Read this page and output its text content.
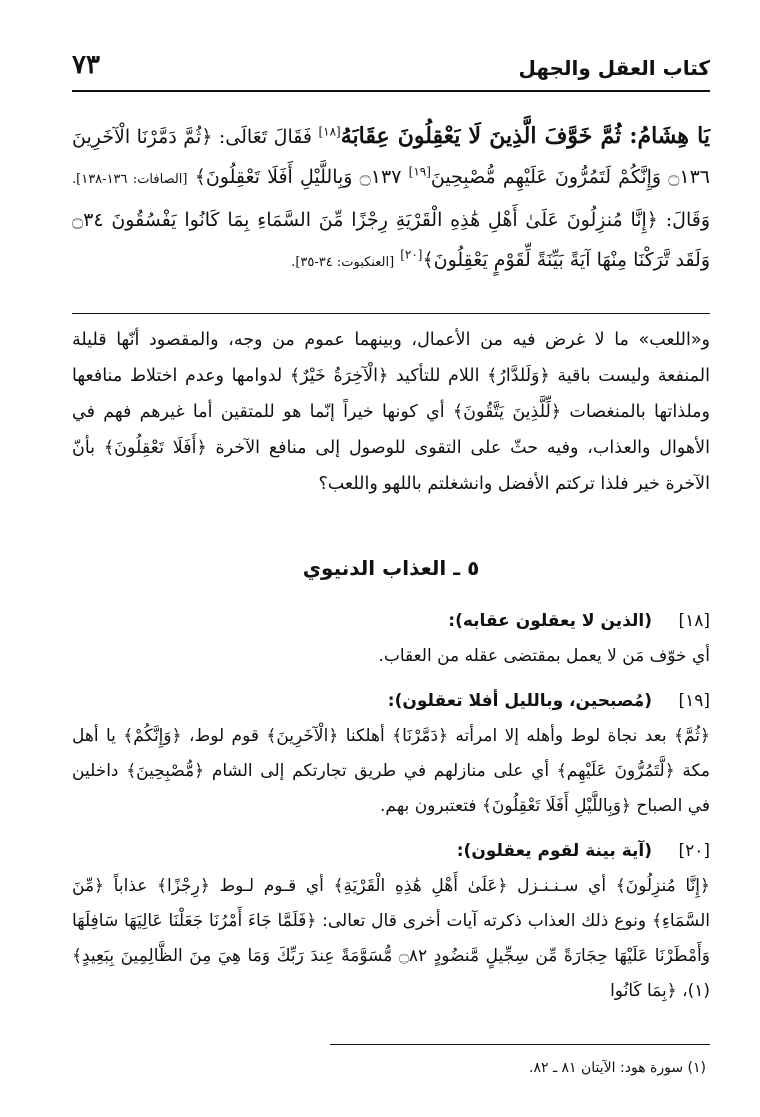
كتاب العقل والجهل
٧٣
يَا هِشَامُ: ثُمَّ خَوَّفَ الَّذِينَ لَا يَعْقِلُونَ عِقَابَهُ[١٨] فَقَالَ تَعَالَى: ﴿ثُمَّ دَمَّرْنَا الْآخَرِينَ ۝١٣٦ وَإِنَّكُمْ لَتَمُرُّونَ عَلَيْهِم مُّصْبِحِينَ[١٩] ۝١٣٧ وَبِاللَّيْلِ أَفَلَا تَعْقِلُونَ﴾ [الصافات: ١٣٦-١٣٨]. وَقَالَ: ﴿إِنَّا مُنزِلُونَ عَلَىٰ أَهْلِ هَٰذِهِ الْقَرْيَةِ رِجْزًا مِّنَ السَّمَاءِ بِمَا كَانُوا يَفْسُقُونَ ۝٣٤ وَلَقَد تَّرَكْنَا مِنْهَا آيَةً بَيِّنَةً لِّقَوْمٍ يَعْقِلُونَ﴾[٢٠] [العنكبوت: ٣٤-٣٥].
و«اللعب» ما لا غرض فيه من الأعمال، وبينهما عموم من وجه، والمقصود أنّها قليلة المنفعة وليست باقية ﴿وَلَلدَّارُ﴾ اللام للتأكيد ﴿الْآخِرَةُ خَيْرٌ﴾ لدوامها وعدم اختلاط منافعها وملذاتها بالمنغصات ﴿لِّلَّذِينَ يَتَّقُونَ﴾ أي كونها خيراً إنّما هو للمتقين أما غيرهم فهم في الأهوال والعذاب، وفيه حثّ على التقوى للوصول إلى منافع الآخرة ﴿أَفَلَا تَعْقِلُونَ﴾ بأنّ الآخرة خير فلذا تركتم الأفضل وانشغلتم باللهو واللعب؟
٥ ـ العذاب الدنيوي
[١٨](الذين لا يعقلون عقابه):
أي خوّف مَن لا يعمل بمقتضى عقله من العقاب.
[١٩](مُصبحين، وبالليل أفلا تعقلون):
﴿ثُمَّ﴾ بعد نجاة لوط وأهله إلا امرأته ﴿دَمَّرْنَا﴾ أهلكنا ﴿الْآخَرِينَ﴾ قوم لوط، ﴿وَإِنَّكُمْ﴾ يا أهل مكة ﴿لَّتَمُرُّونَ عَلَيْهِم﴾ أي على منازلهم في طريق تجارتكم إلى الشام ﴿مُّصْبِحِينَ﴾ داخلين في الصباح ﴿وَبِاللَّيْلِ أَفَلَا تَعْقِلُونَ﴾ فتعتبرون بهم.
[٢٠](آية بينة لقوم يعقلون):
﴿إِنَّا مُنزِلُونَ﴾ أي سـنـنـزل ﴿عَلَىٰ أَهْلِ هَٰذِهِ الْقَرْيَةِ﴾ أي قـوم لـوط ﴿رِجْزًا﴾ عذاباً ﴿مِّنَ السَّمَاءِ﴾ ونوع ذلك العذاب ذكرته آيات أخرى قال تعالى: ﴿فَلَمَّا جَاءَ أَمْرُنَا جَعَلْنَا عَالِيَهَا سَافِلَهَا وَأَمْطَرْنَا عَلَيْهَا حِجَارَةً مِّن سِجِّيلٍ مَّنضُودٍ ۝٨٢ مُّسَوَّمَةً عِندَ رَبِّكَ وَمَا هِيَ مِنَ الظَّالِمِينَ بِبَعِيدٍ﴾(١)، ﴿بِمَا كَانُوا
(١) سورة هود: الآيتان ٨١ ـ ٨٢.
